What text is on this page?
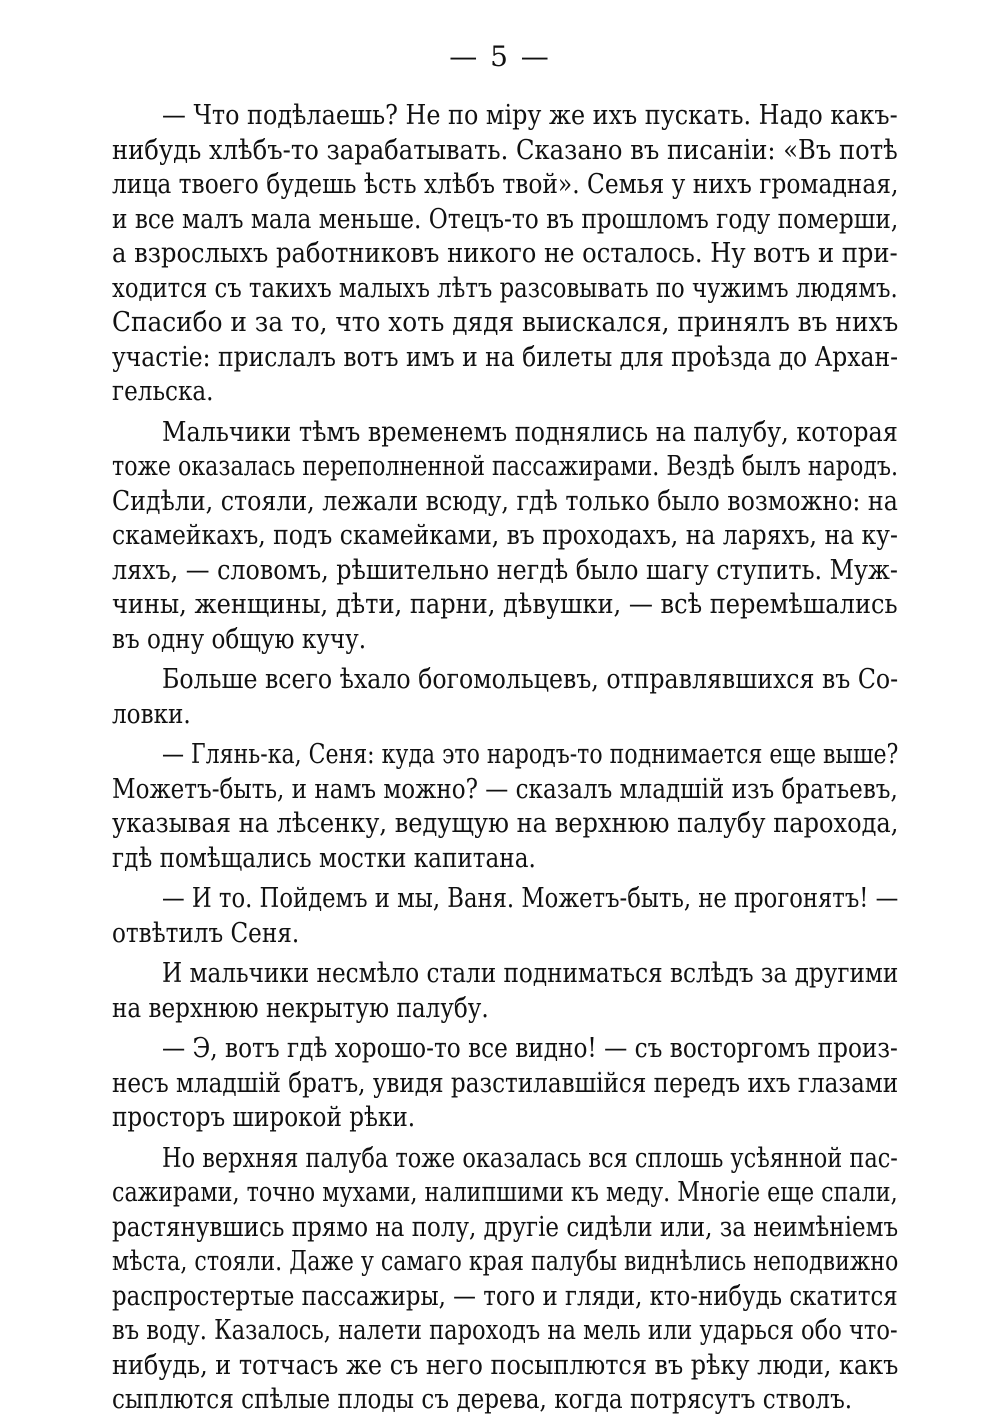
— 5 —
— Что подѣлаешь? Не по міру же ихъ пускать. Надо какъ-
нибудь хлѣбъ-то зарабатывать. Сказано въ писаніи: «Въ потѣ
лица твоего будешь ѣсть хлѣбъ твой». Семья у нихъ громадная,
и все малъ мала меньше. Отецъ-то въ прошломъ году померши,
а взрослыхъ работниковъ никого не осталось. Ну вотъ и при-
ходится съ такихъ малыхъ лѣтъ разсовывать по чужимъ людямъ.
Спасибо и за то, что хоть дядя выискался, принялъ въ нихъ
участіе: прислалъ вотъ имъ и на билеты для проѣзда до Архан-
гельска.
Мальчики тѣмъ временемъ поднялись на палубу, которая
тоже оказалась переполненной пассажирами. Вездѣ былъ народъ.
Сидѣли, стояли, лежали всюду, гдѣ только было возможно: на
скамейкахъ, подъ скамейками, въ проходахъ, на ларяхъ, на ку-
ляхъ, — словомъ, рѣшительно негдѣ было шагу ступить. Муж-
чины, женщины, дѣти, парни, дѣвушки, — всѣ перемѣшались
въ одну общую кучу.
Больше всего ѣхало богомольцевъ, отправлявшихся въ Со-
ловки.
— Глянь-ка, Сеня: куда это народъ-то поднимается еще выше?
Можетъ-быть, и намъ можно? — сказалъ младшій изъ братьевъ,
указывая на лѣсенку, ведущую на верхнюю палубу парохода,
гдѣ помѣщались мостки капитана.
— И то. Пойдемъ и мы, Ваня. Можетъ-быть, не прогонятъ! —
отвѣтилъ Сеня.
И мальчики несмѣло стали подниматься вслѣдъ за другими
на верхнюю некрытую палубу.
— Э, вотъ гдѣ хорошо-то все видно! — съ восторгомъ произ-
несъ младшій братъ, увидя разстилавшійся передъ ихъ глазами
просторъ широкой рѣки.
Но верхняя палуба тоже оказалась вся сплошь усѣянной пас-
сажирами, точно мухами, налипшими къ меду. Многіе еще спали,
растянувшись прямо на полу, другіе сидѣли или, за неимѣніемъ
мѣста, стояли. Даже у самаго края палубы виднѣлись неподвижно
распростертые пассажиры, — того и гляди, кто-нибудь скатится
въ воду. Казалось, налети пароходъ на мель или ударься обо что-
нибудь, и тотчасъ же съ него посыплются въ рѣку люди, какъ
сыплются спѣлые плоды съ дерева, когда потрясутъ стволъ.
